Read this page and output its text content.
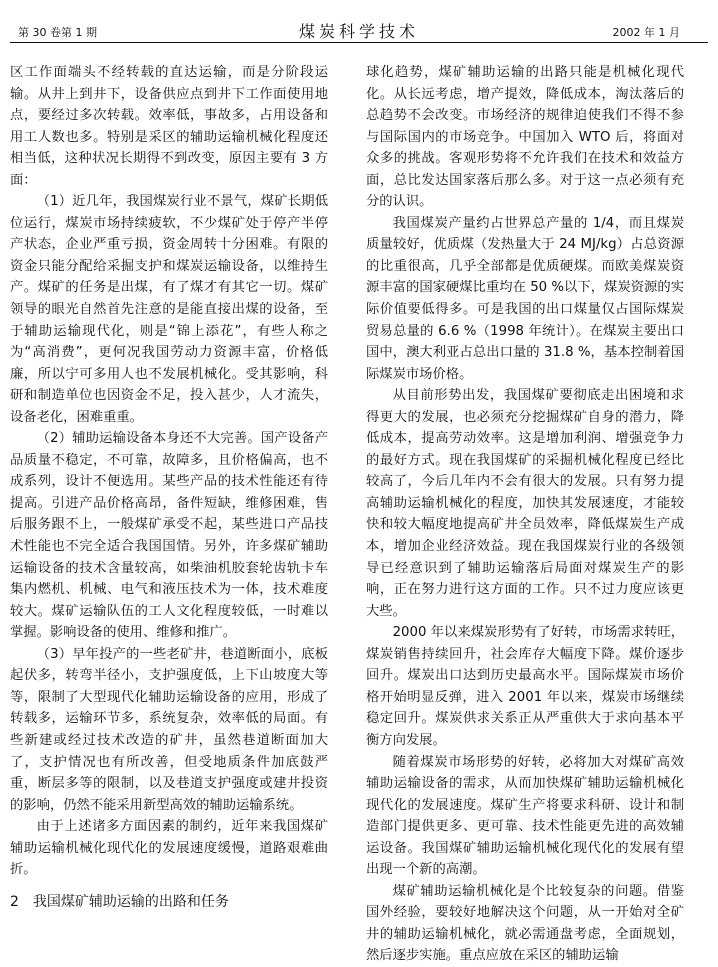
第 30 卷第 1 期	煤炭科学技术	2002 年 1 月

区工作面端头不经转载的直达运输，而是分阶段运输。从井上到井下，设备供应点到井下工作面使用地点，要经过多次转载。效率低，事故多，占用设备和用工人数也多。特别是采区的辅助运输机械化程度还相当低，这种状况长期得不到改变，原因主要有 3 方面：

（1）近几年，我国煤炭行业不景气，煤矿长期低位运行，煤炭市场持续疲软，不少煤矿处于停产半停产状态，企业严重亏损，资金周转十分困难。有限的资金只能分配给采掘支护和煤炭运输设备，以维持生产。煤矿的任务是出煤，有了煤才有其它一切。煤矿领导的眼光自然首先注意的是能直接出煤的设备，至于辅助运输现代化，则是“锦上添花”，有些人称之为“高消费”，更何况我国劳动力资源丰富，价格低廉，所以宁可多用人也不发展机械化。受其影响，科研和制造单位也因资金不足，投入甚少，人才流失，设备老化，困难重重。

（2）辅助运输设备本身还不大完善。国产设备产品质量不稳定，不可靠，故障多，且价格偏高，也不成系列，设计不便选用。某些产品的技术性能还有待提高。引进产品价格高昂，备件短缺，维修困难，售后服务跟不上，一般煤矿承受不起，某些进口产品技术性能也不完全适合我国国情。另外，许多煤矿辅助运输设备的技术含量较高，如柴油机胶套轮齿轨卡车集内燃机、机械、电气和液压技术为一体，技术难度较大。煤矿运输队伍的工人文化程度较低，一时难以掌握。影响设备的使用、维修和推广。

（3）早年投产的一些老矿井，巷道断面小，底板起伏多，转弯半径小，支护强度低，上下山坡度大等等，限制了大型现代化辅助运输设备的应用，形成了转载多，运输环节多，系统复杂，效率低的局面。有些新建或经过技术改造的矿井，虽然巷道断面加大了，支护情况也有所改善，但受地质条件加底鼓严重，断层多等的限制，以及巷道支护强度或建井投资的影响，仍然不能采用新型高效的辅助运输系统。

由于上述诸多方面因素的制约，近年来我国煤矿辅助运输机械化现代化的发展速度缓慢，道路艰难曲折。

2　我国煤矿辅助运输的出路和任务

球化趋势，煤矿辅助运输的出路只能是机械化现代化。从长远考虑，增产提效，降低成本，淘汰落后的总趋势不会改变。市场经济的规律迫使我们不得不参与国际国内的市场竞争。中国加入 WTO 后，将面对众多的挑战。客观形势将不允许我们在技术和效益方面，总比发达国家落后那么多。对于这一点必须有充分的认识。

我国煤炭产量约占世界总产量的 1/4，而且煤炭质量较好，优质煤（发热量大于 24 MJ/kg）占总资源的比重很高，几乎全部都是优质硬煤。而欧美煤炭资源丰富的国家硬煤比重均在 50 %以下，煤炭资源的实际价值要低得多。可是我国的出口煤量仅占国际煤炭贸易总量的 6.6 %（1998 年统计）。在煤炭主要出口国中，澳大利亚占总出口量的 31.8 %，基本控制着国际煤炭市场价格。

从目前形势出发，我国煤矿要彻底走出困境和求得更大的发展，也必须充分挖掘煤矿自身的潜力，降低成本，提高劳动效率。这是增加利润、增强竞争力的最好方式。现在我国煤矿的采掘机械化程度已经比较高了，今后几年内不会有很大的发展。只有努力提高辅助运输机械化的程度，加快其发展速度，才能较快和较大幅度地提高矿井全员效率，降低煤炭生产成本，增加企业经济效益。现在我国煤炭行业的各级领导已经意识到了辅助运输落后局面对煤炭生产的影响，正在努力进行这方面的工作。只不过力度应该更大些。

2000 年以来煤炭形势有了好转，市场需求转旺，煤炭销售持续回升，社会库存大幅度下降。煤价逐步回升。煤炭出口达到历史最高水平。国际煤炭市场价格开始明显反弹，进入 2001 年以来，煤炭市场继续稳定回升。煤炭供求关系正从严重供大于求向基本平衡方向发展。

随着煤炭市场形势的好转，必将加大对煤矿高效辅助运输设备的需求，从而加快煤矿辅助运输机械化现代化的发展速度。煤矿生产将要求科研、设计和制造部门提供更多、更可靠、技术性能更先进的高效辅运设备。我国煤矿辅助运输机械化现代化的发展有望出现一个新的高潮。

煤矿辅助运输机械化是个比较复杂的问题。借鉴国外经验，要较好地解决这个问题，从一开始对全矿井的辅助运输机械化，就必需通盘考虑，全面规划，然后逐步实施。重点应放在采区的辅助运输
